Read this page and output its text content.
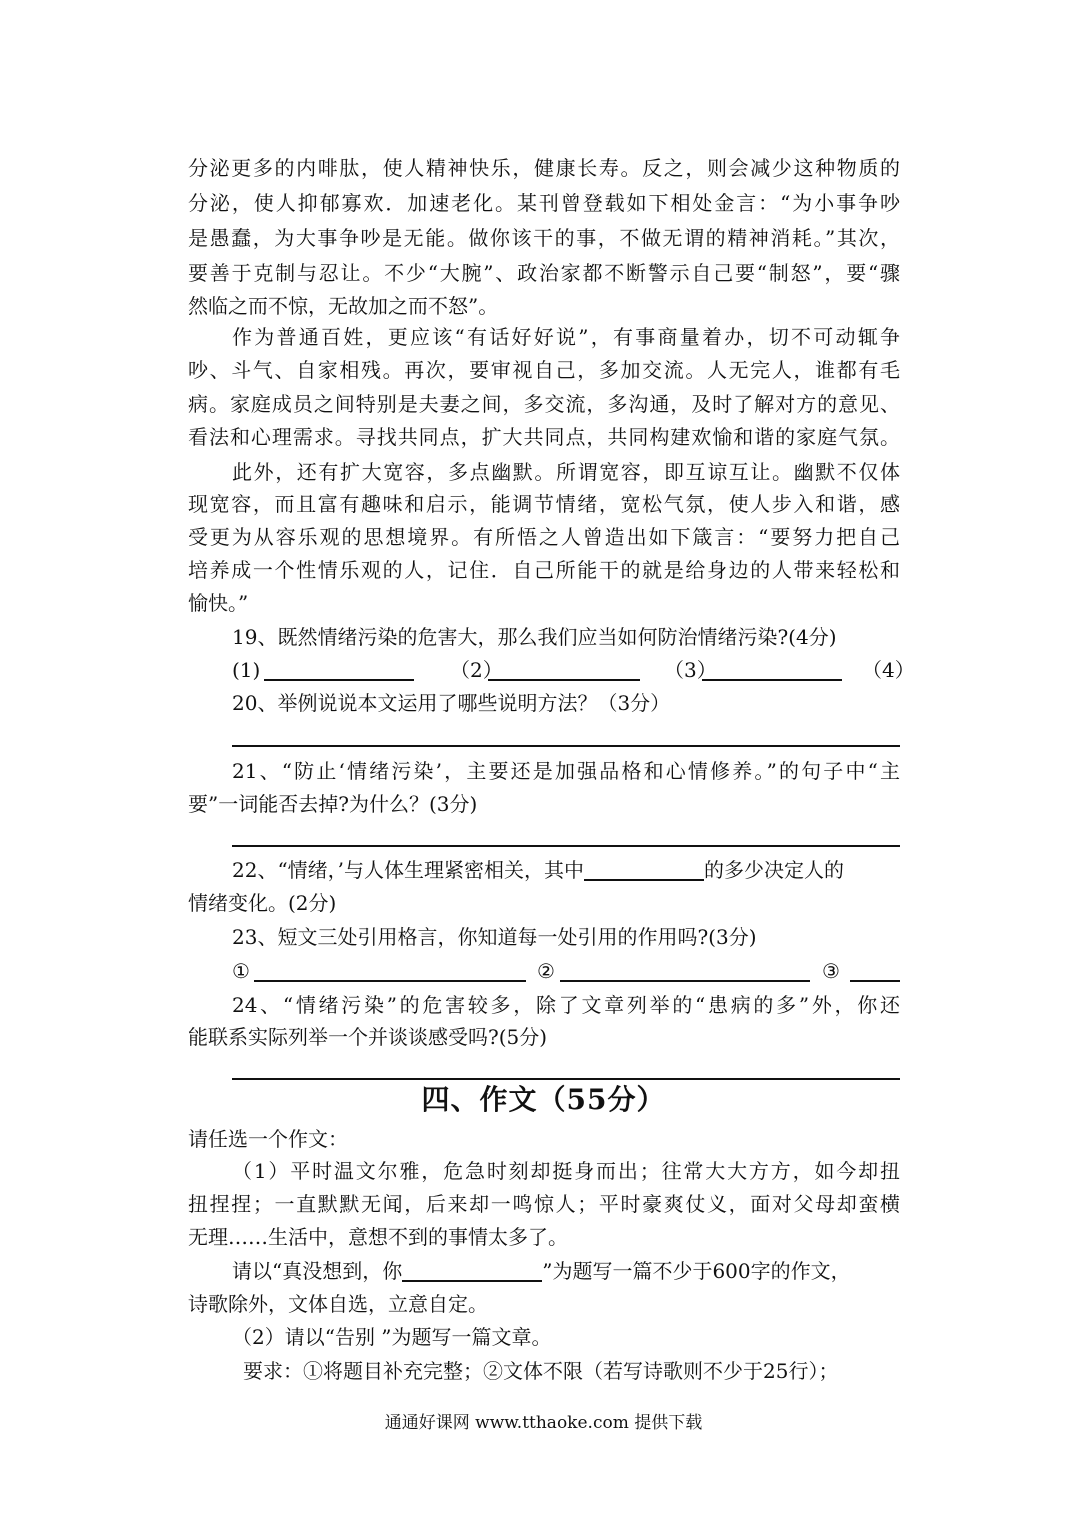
分泌更多的内啡肽，使人精神快乐，健康长寿。反之，则会减少这种物质的
分泌，使人抑郁寡欢．加速老化。某刊曾登载如下相处金言：“为小事争吵
是愚蠢，为大事争吵是无能。做你该干的事，不做无谓的精神消耗。”其次，
要善于克制与忍让。不少“大腕”、政治家都不断警示自己要“制怒”，要“骤
然临之而不惊，无故加之而不怒”。
作为普通百姓，更应该“有话好好说”，有事商量着办，切不可动辄争
吵、斗气、自家相残。再次，要审视自己，多加交流。人无完人，谁都有毛
病。家庭成员之间特别是夫妻之间，多交流，多沟通，及时了解对方的意见、
看法和心理需求。寻找共同点，扩大共同点，共同构建欢愉和谐的家庭气氛。
此外，还有扩大宽容，多点幽默。所谓宽容，即互谅互让。幽默不仅体
现宽容，而且富有趣味和启示，能调节情绪，宽松气氛，使人步入和谐，感
受更为从容乐观的思想境界。有所悟之人曾造出如下箴言：“要努力把自己
培养成一个性情乐观的人，记住．自己所能干的就是给身边的人带来轻松和
愉快。”
19、既然情绪污染的危害大，那么我们应当如何防治情绪污染?(4分)
(1)	（2）	（3）	（4）
20、举例说说本文运用了哪些说明方法？（3分）
21、“防止‘情绪污染’，主要还是加强品格和心情修养。”的句子中“主
要”一词能否去掉?为什么？(3分)
22、“情绪，’与人体生理紧密相关，其中	的多少决定人的
情绪变化。(2分)
23、短文三处引用格言，你知道每一处引用的作用吗?(3分)
①	②	③
24、“情绪污染”的危害较多，除了文章列举的“患病的多”外，你还
能联系实际列举一个并谈谈感受吗?(5分)
四、作文（55分）
请任选一个作文：
（1）平时温文尔雅，危急时刻却挺身而出；往常大大方方，如今却扭
扭捏捏；一直默默无闻，后来却一鸣惊人；平时豪爽仗义，面对父母却蛮横
无理……生活中，意想不到的事情太多了。
请以“真没想到，你	”为题写一篇不少于600字的作文，
诗歌除外，文体自选，立意自定。
（2）请以“告别 ”为题写一篇文章。
要求：①将题目补充完整；②文体不限（若写诗歌则不少于25行）；
通通好课网 www.tthaoke.com 提供下载
